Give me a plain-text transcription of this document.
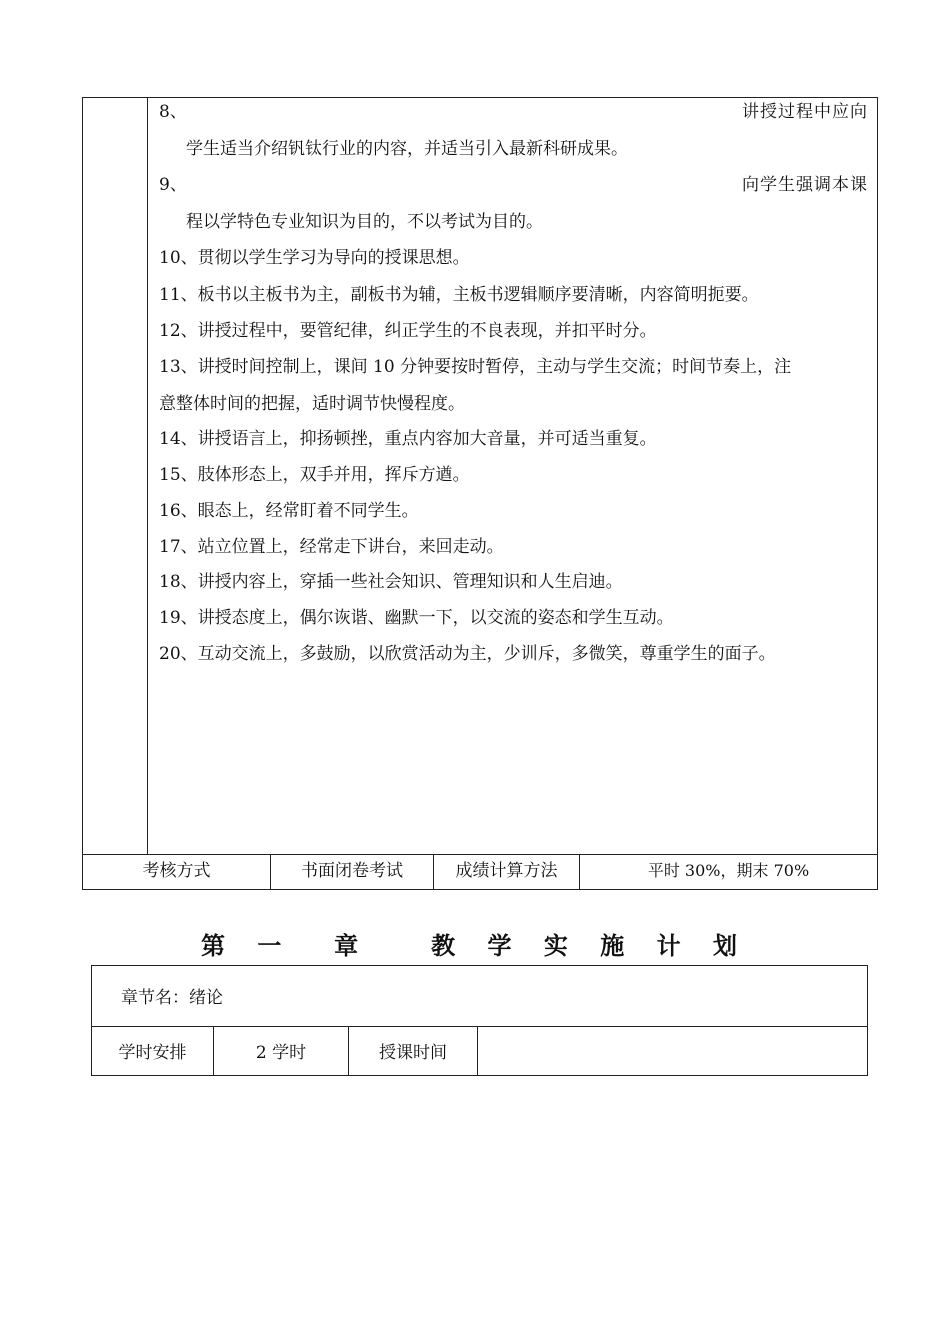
8、	讲授过程中应向
学生适当介绍钒钛行业的内容，并适当引入最新科研成果。
9、	向学生强调本课
程以学特色专业知识为目的，不以考试为目的。
10、贯彻以学生学习为导向的授课思想。
11、板书以主板书为主，副板书为辅，主板书逻辑顺序要清晰，内容简明扼要。
12、讲授过程中，要管纪律，纠正学生的不良表现，并扣平时分。
13、讲授时间控制上，课间 10 分钟要按时暂停，主动与学生交流；时间节奏上，注
意整体时间的把握，适时调节快慢程度。
14、讲授语言上，抑扬顿挫，重点内容加大音量，并可适当重复。
15、肢体形态上，双手并用，挥斥方遒。
16、眼态上，经常盯着不同学生。
17、站立位置上，经常走下讲台，来回走动。
18、讲授内容上，穿插一些社会知识、管理知识和人生启迪。
19、讲授态度上，偶尔诙谐、幽默一下，以交流的姿态和学生互动。
20、互动交流上，多鼓励，以欣赏活动为主，少训斥，多微笑，尊重学生的面子。
考核方式	书面闭卷考试	成绩计算方法	平时 30%，期末 70%
第 一  章   教 学 实 施 计 划
章节名：绪论
学时安排	2 学时	授课时间
